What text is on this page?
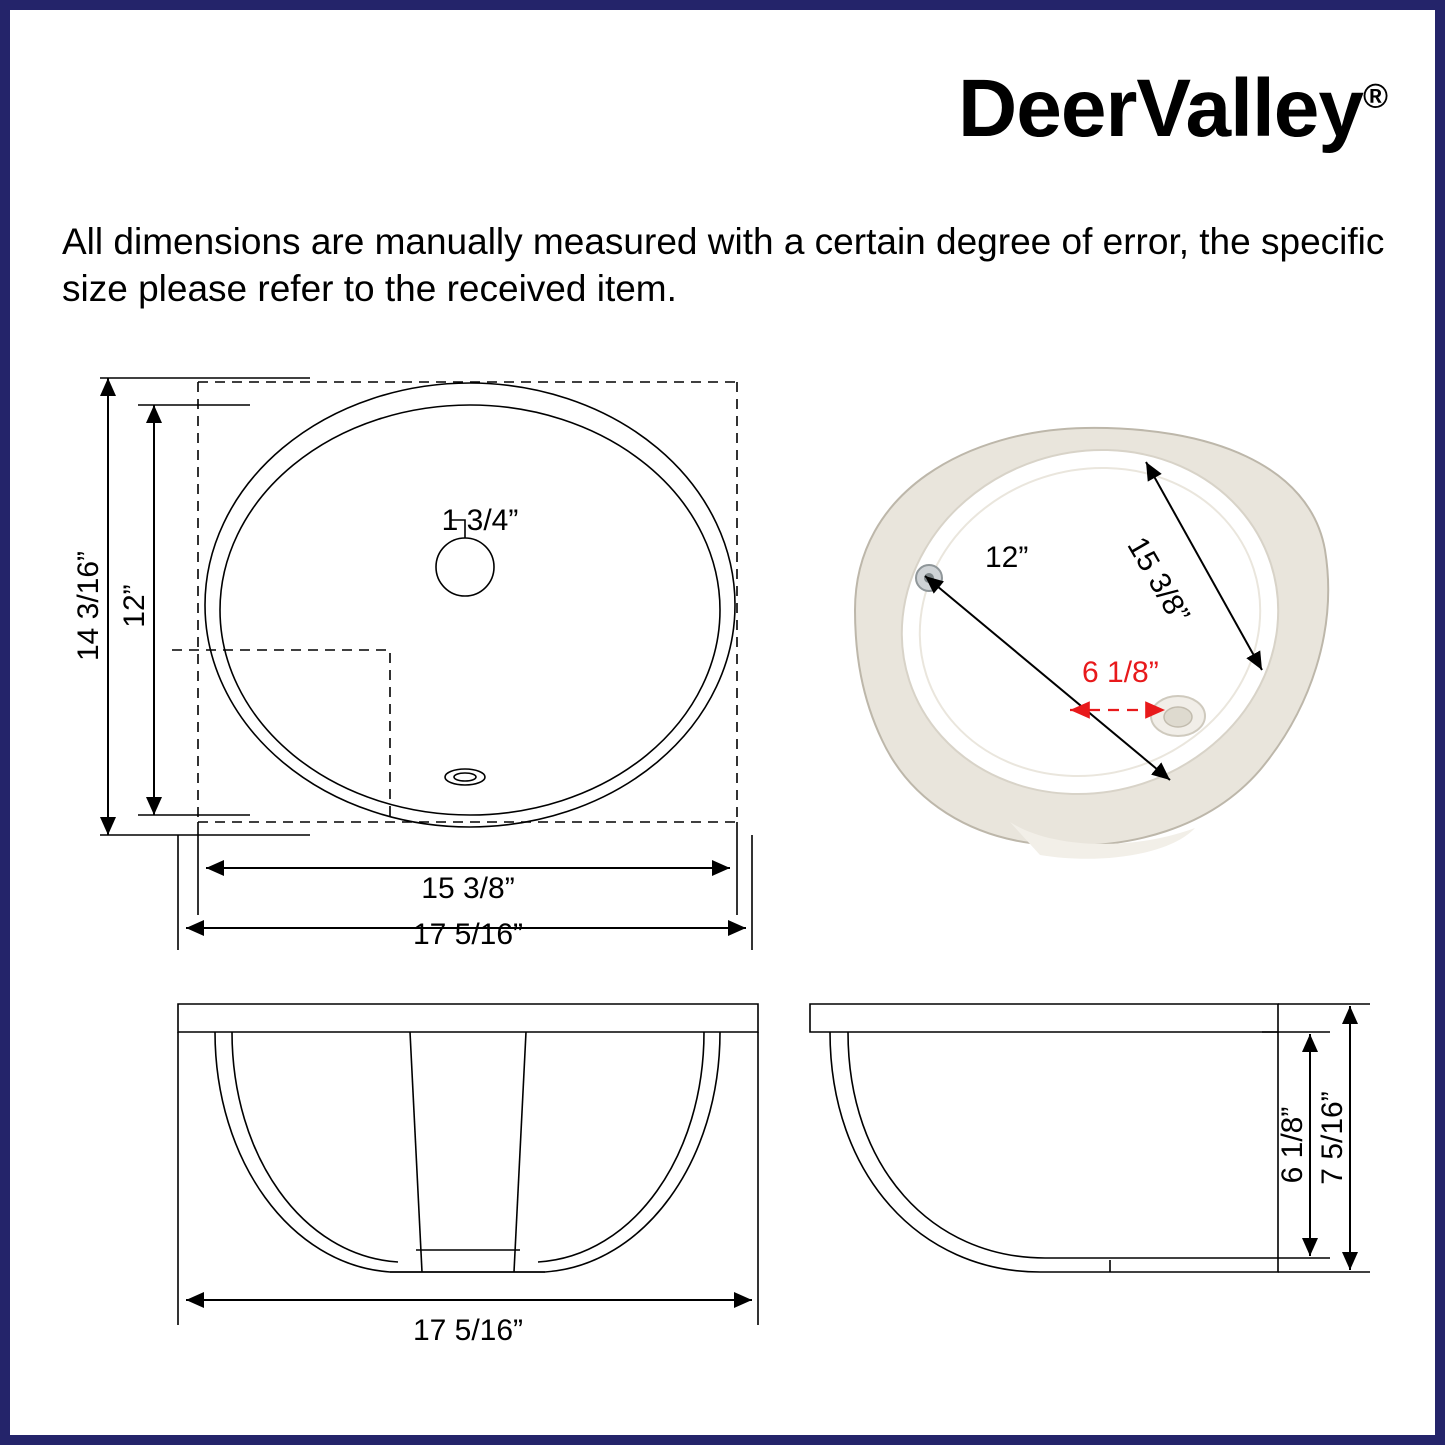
DeerValley®
All dimensions are manually measured with a certain degree of error, the specific size please refer to the received item.
14 3/16” 12”
1 3/4”
15 3/8”
17 5/16”
12”	15 3/8”
6 1/8”
17 5/16”
7 5/16”
6 1/8”
